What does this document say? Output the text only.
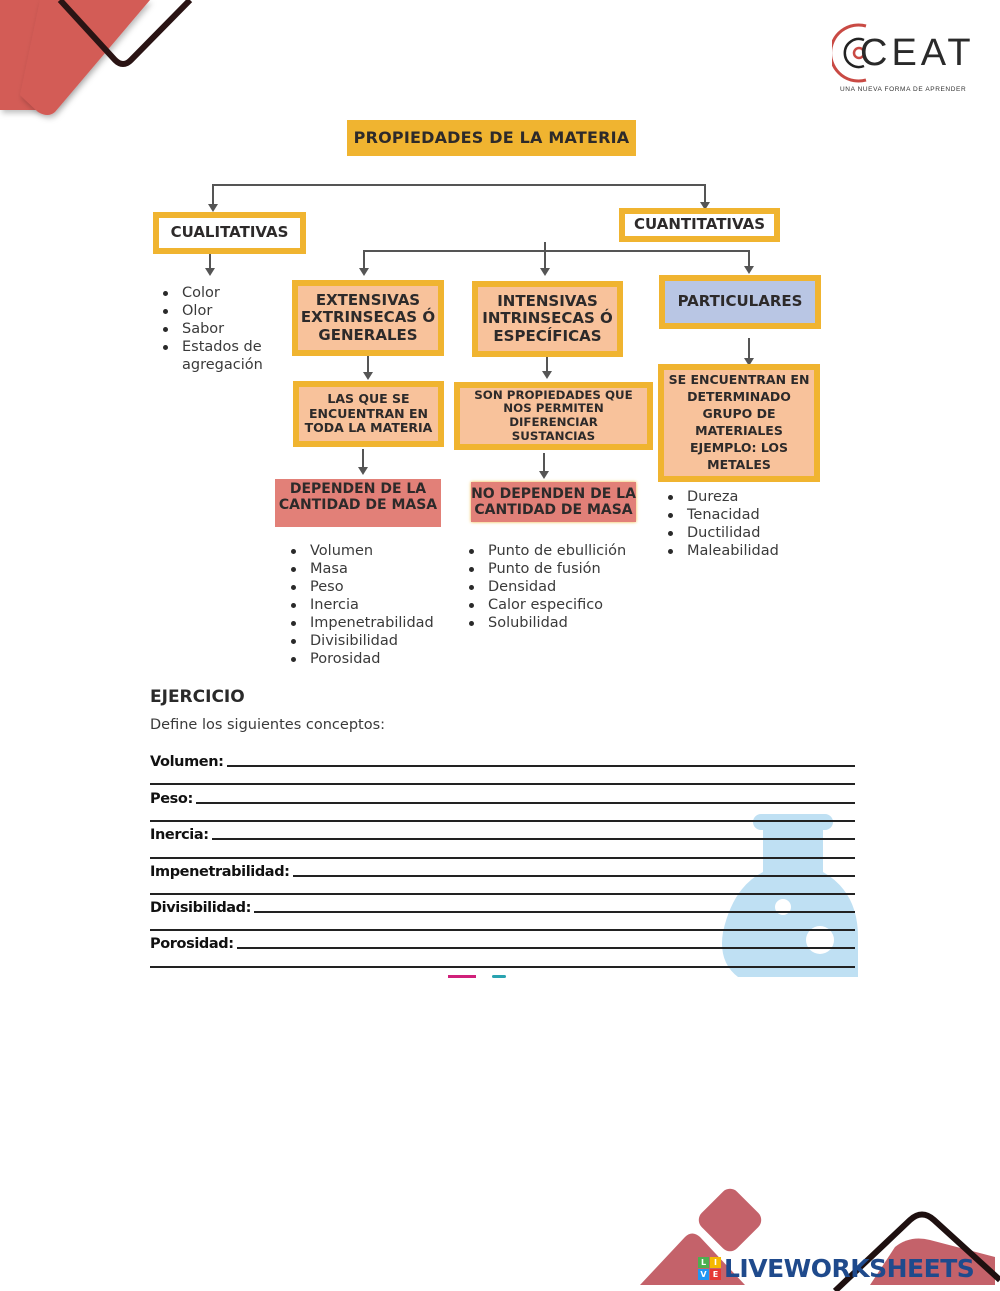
CEAT
UNA NUEVA FORMA DE APRENDER
PROPIEDADES DE LA MATERIA
CUALITATIVAS
Color
Olor
Sabor
Estados de agregación
CUANTITATIVAS
EXTENSIVAS
EXTRINSECAS Ó
GENERALES
LAS QUE SE
ENCUENTRAN EN
TODA LA MATERIA
DEPENDEN DE LA
CANTIDAD DE MASA
Volumen
Masa
Peso
Inercia
Impenetrabilidad
Divisibilidad
Porosidad
INTENSIVAS
INTRINSECAS Ó
ESPECÍFICAS
SON PROPIEDADES QUE
NOS PERMITEN DIFERENCIAR
SUSTANCIAS
NO DEPENDEN DE LA
CANTIDAD DE MASA
Punto de ebullición
Punto de fusión
Densidad
Calor especifico
Solubilidad
PARTICULARES
SE ENCUENTRAN EN
DETERMINADO
GRUPO DE
MATERIALES
EJEMPLO: LOS
METALES
Dureza
Tenacidad
Ductilidad
Maleabilidad
EJERCICIO
Define los siguientes conceptos:
Volumen:
Peso:
Inercia:
Impenetrabilidad:
Divisibilidad:
Porosidad:
L I
V E LIVEWORKSHEETS
